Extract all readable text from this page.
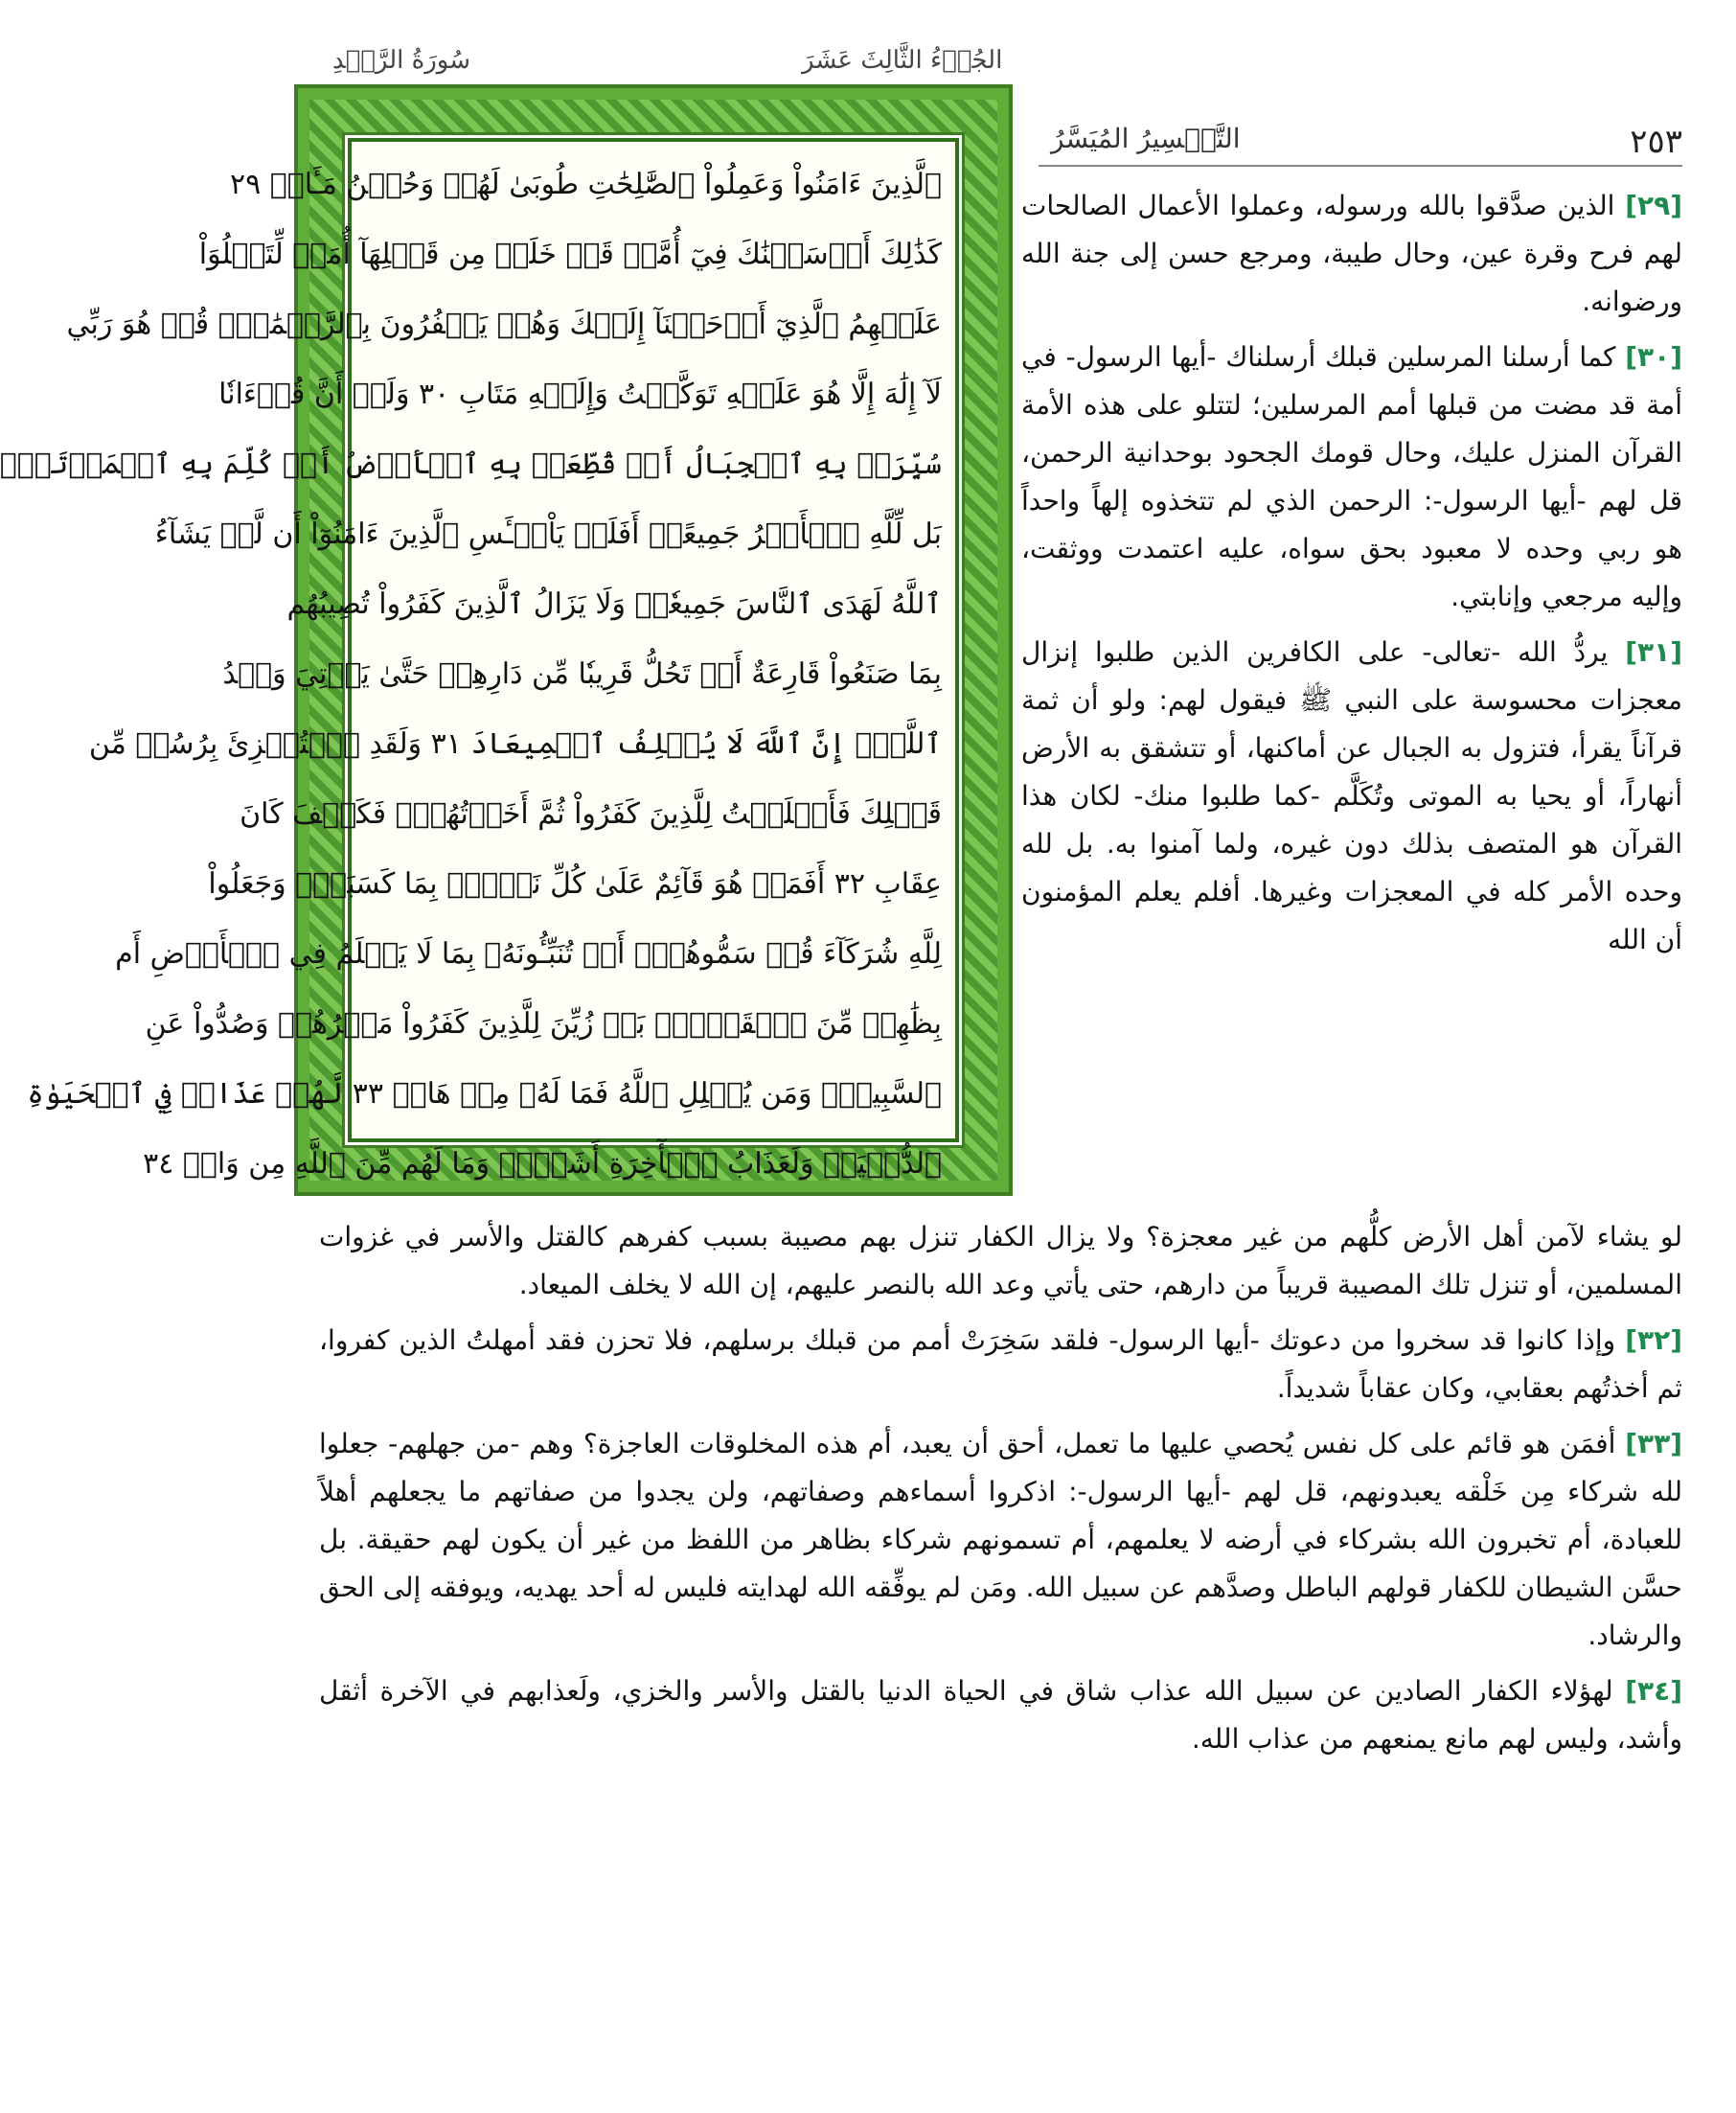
سُورَةُ الرَّعۡدِ	الجُزۡءُ الثَّالِثَ عَشَرَ
٢٥٣
التَّفۡسِيرُ المُيَسَّرُ
ٱلَّذِينَ ءَامَنُواْ وَعَمِلُواْ ٱلصَّٰلِحَٰتِ طُوبَىٰ لَهُمۡ وَحُسۡنُ مَـَٔابٖ ٢٩
كَذَٰلِكَ أَرۡسَلۡنَٰكَ فِيٓ أُمَّةٖ قَدۡ خَلَتۡ مِن قَبۡلِهَآ أُمَمٞ لِّتَتۡلُوَاْ
عَلَيۡهِمُ ٱلَّذِيٓ أَوۡحَيۡنَآ إِلَيۡكَ وَهُمۡ يَكۡفُرُونَ بِٱلرَّحۡمَٰنِۚ قُلۡ هُوَ رَبِّي
لَآ إِلَٰهَ إِلَّا هُوَ عَلَيۡهِ تَوَكَّلۡتُ وَإِلَيۡهِ مَتَابِ ٣٠ وَلَوۡ أَنَّ قُرۡءَانٗا
سُيِّرَتۡ بِهِ ٱلۡجِبَالُ أَوۡ قُطِّعَتۡ بِهِ ٱلۡأَرۡضُ أَوۡ كُلِّمَ بِهِ ٱلۡمَوۡتَىٰۗ
بَل لِّلَّهِ ٱلۡأَمۡرُ جَمِيعًاۗ أَفَلَمۡ يَاْيۡـَٔسِ ٱلَّذِينَ ءَامَنُوٓاْ أَن لَّوۡ يَشَآءُ
ٱللَّهُ لَهَدَى ٱلنَّاسَ جَمِيعٗاۗ وَلَا يَزَالُ ٱلَّذِينَ كَفَرُواْ تُصِيبُهُم
بِمَا صَنَعُواْ قَارِعَةٌ أَوۡ تَحُلُّ قَرِيبٗا مِّن دَارِهِمۡ حَتَّىٰ يَأۡتِيَ وَعۡدُ
ٱللَّهِۚ إِنَّ ٱللَّهَ لَا يُخۡلِفُ ٱلۡمِيعَادَ ٣١ وَلَقَدِ ٱسۡتُهۡزِئَ بِرُسُلٖ مِّن
قَبۡلِكَ فَأَمۡلَيۡتُ لِلَّذِينَ كَفَرُواْ ثُمَّ أَخَذۡتُهُمۡۖ فَكَيۡفَ كَانَ
عِقَابِ ٣٢ أَفَمَنۡ هُوَ قَآئِمٌ عَلَىٰ كُلِّ نَفۡسِۭ بِمَا كَسَبَتۡۗ وَجَعَلُواْ
لِلَّهِ شُرَكَآءَ قُلۡ سَمُّوهُمۡۚ أَمۡ تُنَبِّـُٔونَهُۥ بِمَا لَا يَعۡلَمُ فِي ٱلۡأَرۡضِ أَم
بِظَٰهِرٖ مِّنَ ٱلۡقَوۡلِۗ بَلۡ زُيِّنَ لِلَّذِينَ كَفَرُواْ مَكۡرُهُمۡ وَصُدُّواْ عَنِ
ٱلسَّبِيلِۗ وَمَن يُضۡلِلِ ٱللَّهُ فَمَا لَهُۥ مِنۡ هَادٖ ٣٣ لَّهُمۡ عَذَابٞ فِي ٱلۡحَيَوٰةِ
ٱلدُّنۡيَاۖ وَلَعَذَابُ ٱلۡأٓخِرَةِ أَشَقُّۖ وَمَا لَهُم مِّنَ ٱللَّهِ مِن وَاقٖ ٣٤

[٢٩] الذين صدَّقوا بالله ورسوله، وعملوا الأعمال الصالحات لهم فرح وقرة عين، وحال طيبة، ومرجع حسن إلى جنة الله ورضوانه.

[٣٠] كما أرسلنا المرسلين قبلك أرسلناك -أيها الرسول- في أمة قد مضت من قبلها أمم المرسلين؛ لتتلو على هذه الأمة القرآن المنزل عليك، وحال قومك الجحود بوحدانية الرحمن، قل لهم -أيها الرسول-: الرحمن الذي لم تتخذوه إلهاً واحداً هو ربي وحده لا معبود بحق سواه، عليه اعتمدت ووثقت، وإليه مرجعي وإنابتي.

[٣١] يردُّ الله -تعالى- على الكافرين الذين طلبوا إنزال معجزات محسوسة على النبي ﷺ فيقول لهم: ولو أن ثمة قرآناً يقرأ، فتزول به الجبال عن أماكنها، أو تتشقق به الأرض أنهاراً، أو يحيا به الموتى وتُكَلَّم -كما طلبوا منك- لكان هذا القرآن هو المتصف بذلك دون غيره، ولما آمنوا به. بل لله وحده الأمر كله في المعجزات وغيرها. أفلم يعلم المؤمنون أن الله

لو يشاء لآمن أهل الأرض كلُّهم من غير معجزة؟ ولا يزال الكفار تنزل بهم مصيبة بسبب كفرهم كالقتل والأسر في غزوات المسلمين، أو تنزل تلك المصيبة قريباً من دارهم، حتى يأتي وعد الله بالنصر عليهم، إن الله لا يخلف الميعاد.

[٣٢] وإذا كانوا قد سخروا من دعوتك -أيها الرسول- فلقد سَخِرَتْ أمم من قبلك برسلهم، فلا تحزن فقد أمهلتُ الذين كفروا، ثم أخذتُهم بعقابي، وكان عقاباً شديداً.

[٣٣] أفمَن هو قائم على كل نفس يُحصي عليها ما تعمل، أحق أن يعبد، أم هذه المخلوقات العاجزة؟ وهم -من جهلهم- جعلوا لله شركاء مِن خَلْقه يعبدونهم، قل لهم -أيها الرسول-: اذكروا أسماءهم وصفاتهم، ولن يجدوا من صفاتهم ما يجعلهم أهلاً للعبادة، أم تخبرون الله بشركاء في أرضه لا يعلمهم، أم تسمونهم شركاء بظاهر من اللفظ من غير أن يكون لهم حقيقة. بل حسَّن الشيطان للكفار قولهم الباطل وصدَّهم عن سبيل الله. ومَن لم يوفِّقه الله لهدايته فليس له أحد يهديه، ويوفقه إلى الحق والرشاد.

[٣٤] لهؤلاء الكفار الصادين عن سبيل الله عذاب شاق في الحياة الدنيا بالقتل والأسر والخزي، ولَعذابهم في الآخرة أثقل وأشد، وليس لهم مانع يمنعهم من عذاب الله.
